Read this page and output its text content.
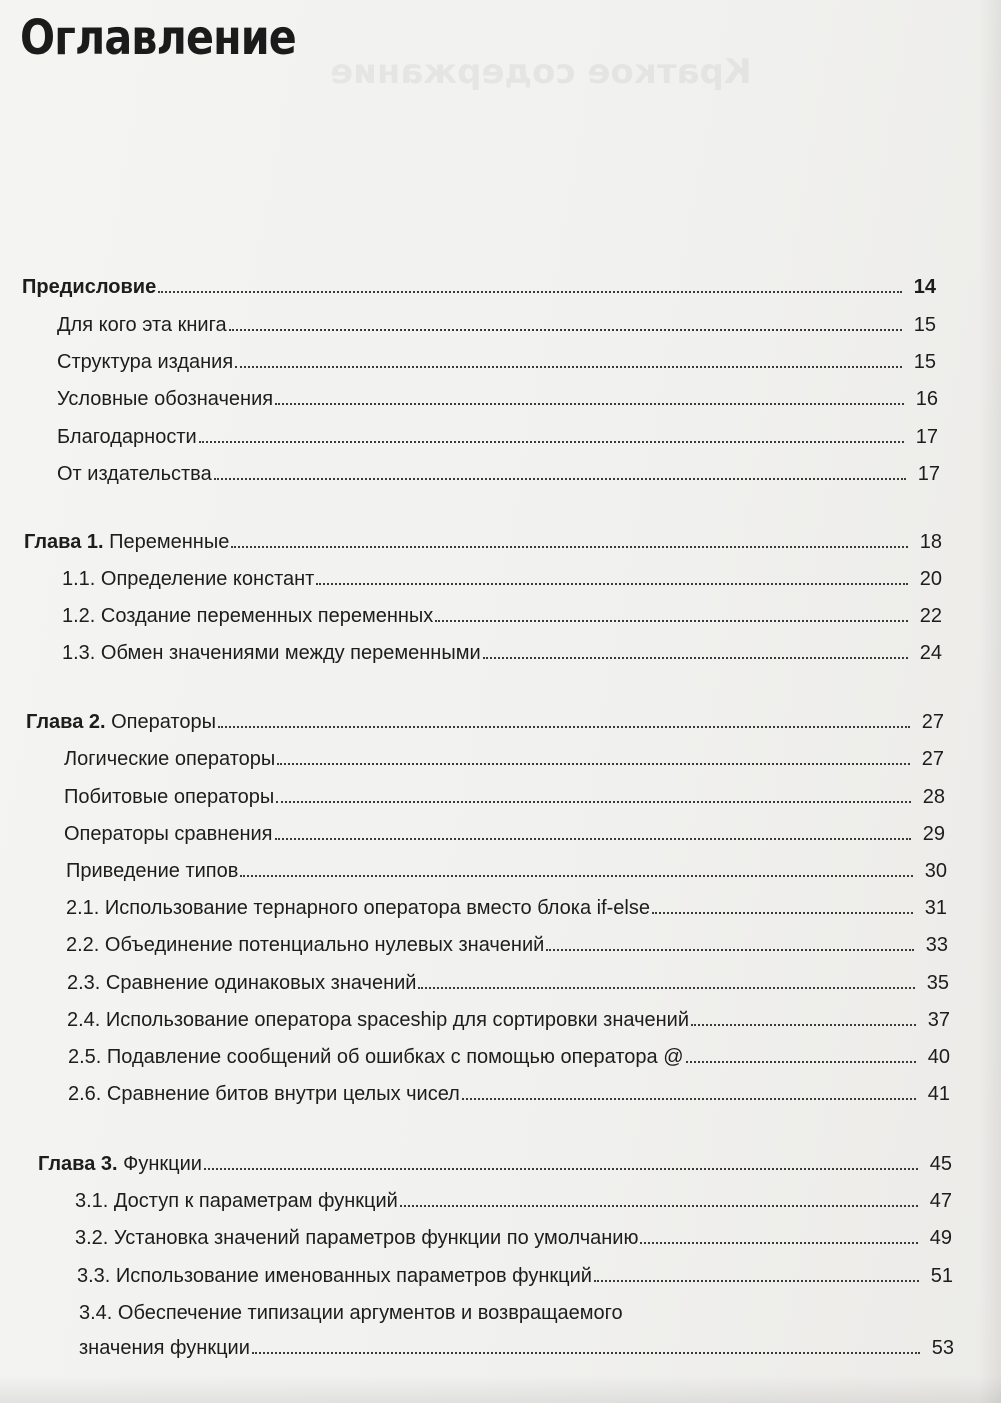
Краткое содержание
Оглавление
Предисловие	14
Для кого эта книга	15
Структура издания	15
Условные обозначения	16
Благодарности	17
От издательства	17
Глава 1. Переменные	18
1.1. Определение констант	20
1.2. Создание переменных переменных	22
1.3. Обмен значениями между переменными	24
Глава 2. Операторы	27
Логические операторы	27
Побитовые операторы	28
Операторы сравнения	29
Приведение типов	30
2.1. Использование тернарного оператора вместо блока if-else	31
2.2. Объединение потенциально нулевых значений	33
2.3. Сравнение одинаковых значений	35
2.4. Использование оператора spaceship для сортировки значений	37
2.5. Подавление сообщений об ошибках с помощью оператора @	40
2.6. Сравнение битов внутри целых чисел	41
Глава 3. Функции	45
3.1. Доступ к параметрам функций	47
3.2. Установка значений параметров функции по умолчанию	49
3.3. Использование именованных параметров функций	51
3.4. Обеспечение типизации аргументов и возвращаемого
значения функции	53
